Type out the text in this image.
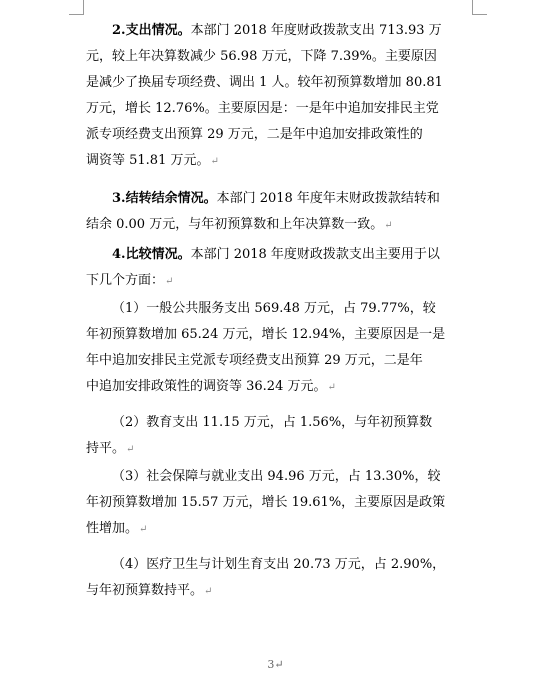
2.支出情况。本部门 2018 年度财政拨款支出 713.93 万
元，较上年决算数减少 56.98 万元，下降 7.39%。主要原因
是减少了换届专项经费、调出 1 人。较年初预算数增加 80.81
万元，增长 12.76%。主要原因是：一是年中追加安排民主党
派专项经费支出预算 29 万元，二是年中追加安排政策性的
调资等 51.81 万元。↵
3.结转结余情况。本部门 2018 年度年末财政拨款结转和
结余 0.00 万元，与年初预算数和上年决算数一致。↵
4.比较情况。本部门 2018 年度财政拨款支出主要用于以
下几个方面：↵
（1）一般公共服务支出 569.48 万元，占 79.77%，较
年初预算数增加 65.24 万元，增长 12.94%，主要原因是一是
年中追加安排民主党派专项经费支出预算 29 万元，二是年
中追加安排政策性的调资等 36.24 万元。↵
（2）教育支出 11.15 万元，占 1.56%，与年初预算数
持平。↵
（3）社会保障与就业支出 94.96 万元，占 13.30%，较
年初预算数增加 15.57 万元，增长 19.61%，主要原因是政策
性增加。↵
（4）医疗卫生与计划生育支出 20.73 万元，占 2.90%，
与年初预算数持平。↵
3↵
